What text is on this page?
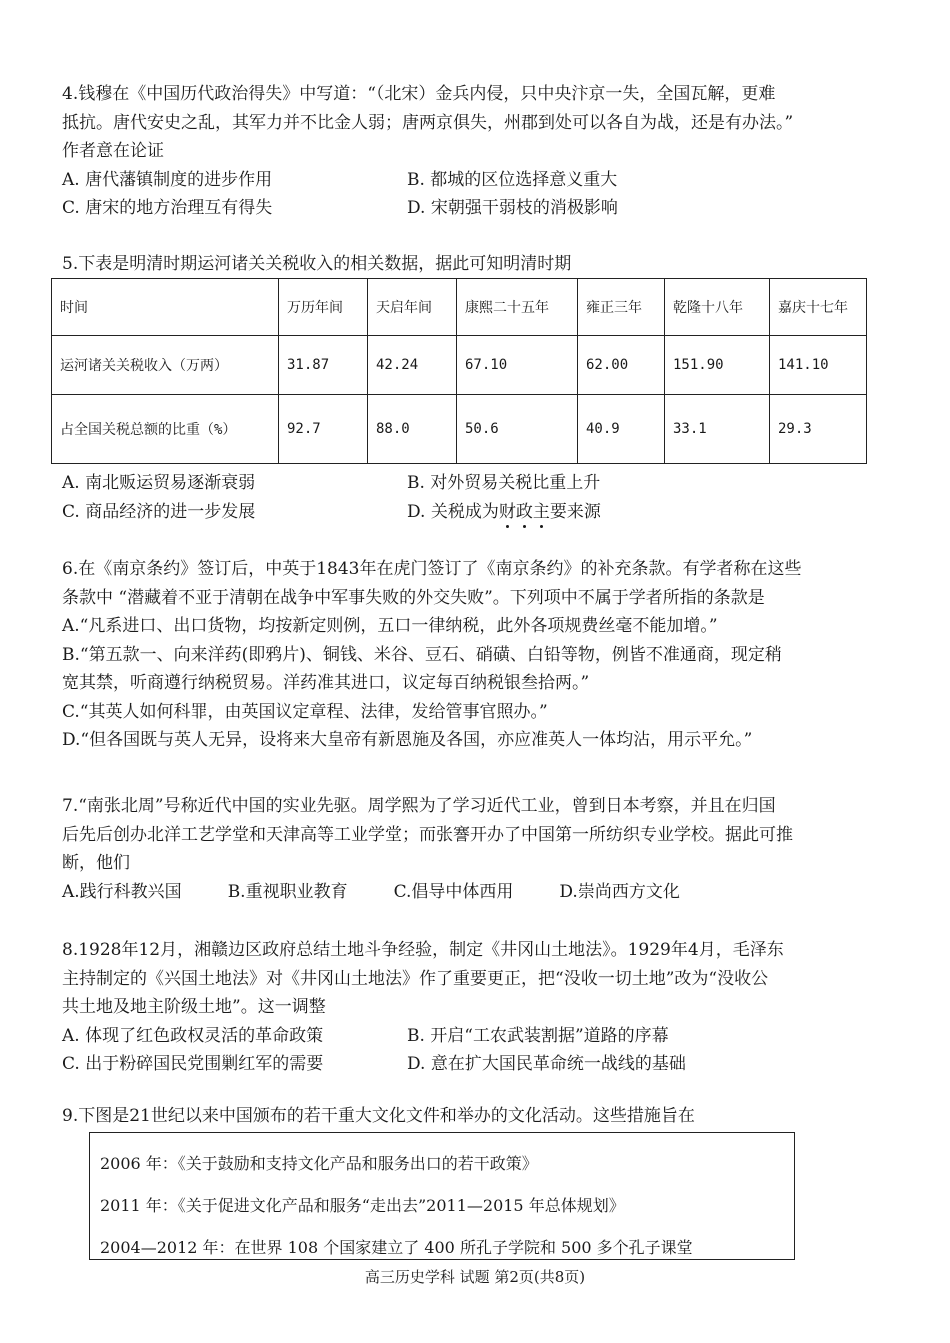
4.钱穆在《中国历代政治得失》中写道：“（北宋）金兵内侵，只中央汴京一失，全国瓦解，更难

抵抗。唐代安史之乱，其军力并不比金人弱；唐两京俱失，州郡到处可以各自为战，还是有办法。”

作者意在论证

A. 唐代藩镇制度的进步作用	B. 都城的区位选择意义重大
C. 唐宋的地方治理互有得失	D. 宋朝强干弱枝的消极影响

5.下表是明清时期运河诸关关税收入的相关数据，据此可知明清时期

时间	万历年间	天启年间	康熙二十五年	雍正三年	乾隆十八年	嘉庆十七年
运河诸关关税收入（万两）	31.87	42.24	67.10	62.00	151.90	141.10
占全国关税总额的比重（%）	92.7	88.0	50.6	40.9	33.1	29.3
A. 南北贩运贸易逐渐衰弱	B. 对外贸易关税比重上升
C. 商品经济的进一步发展	D. 关税成为财政主要来源

6.在《南京条约》签订后，中英于1843年在虎门签订了《南京条约》的补充条款。有学者称在这些

条款中 “潜藏着不亚于清朝在战争中军事失败的外交失败”。下列项中不属于学者所指的条款是

A.“凡系进口、出口货物，均按新定则例，五口一律纳税，此外各项规费丝毫不能加增。”

B.“第五款一、向来洋药(即鸦片)、铜钱、米谷、豆石、硝磺、白铅等物，例皆不准通商，现定稍

宽其禁，听商遵行纳税贸易。洋药准其进口，议定每百纳税银叁拾两。”

C.“其英人如何科罪，由英国议定章程、法律，发给管事官照办。”

D.“但各国既与英人无异，设将来大皇帝有新恩施及各国，亦应准英人一体均沾，用示平允。”

7.“南张北周”号称近代中国的实业先驱。周学熙为了学习近代工业，曾到日本考察，并且在归国

后先后创办北洋工艺学堂和天津高等工业学堂；而张謇开办了中国第一所纺织专业学校。据此可推

断，他们

A.践行科教兴国	B.重视职业教育	C.倡导中体西用	D.崇尚西方文化

8.1928年12月，湘赣边区政府总结土地斗争经验，制定《井冈山土地法》。1929年4月，毛泽东

主持制定的《兴国土地法》对《井冈山土地法》作了重要更正，把“没收一切土地”改为“没收公

共土地及地主阶级土地”。这一调整

A. 体现了红色政权灵活的革命政策	B. 开启“工农武装割据”道路的序幕
C. 出于粉碎国民党围剿红军的需要	D. 意在扩大国民革命统一战线的基础

9.下图是21世纪以来中国颁布的若干重大文化文件和举办的文化活动。这些措施旨在

2006 年：《关于鼓励和支持文化产品和服务出口的若干政策》

2011 年：《关于促进文化产品和服务“走出去”2011—2015 年总体规划》

2004—2012 年：在世界 108 个国家建立了 400 所孔子学院和 500 多个孔子课堂

高三历史学科 试题 第2页(共8页)
